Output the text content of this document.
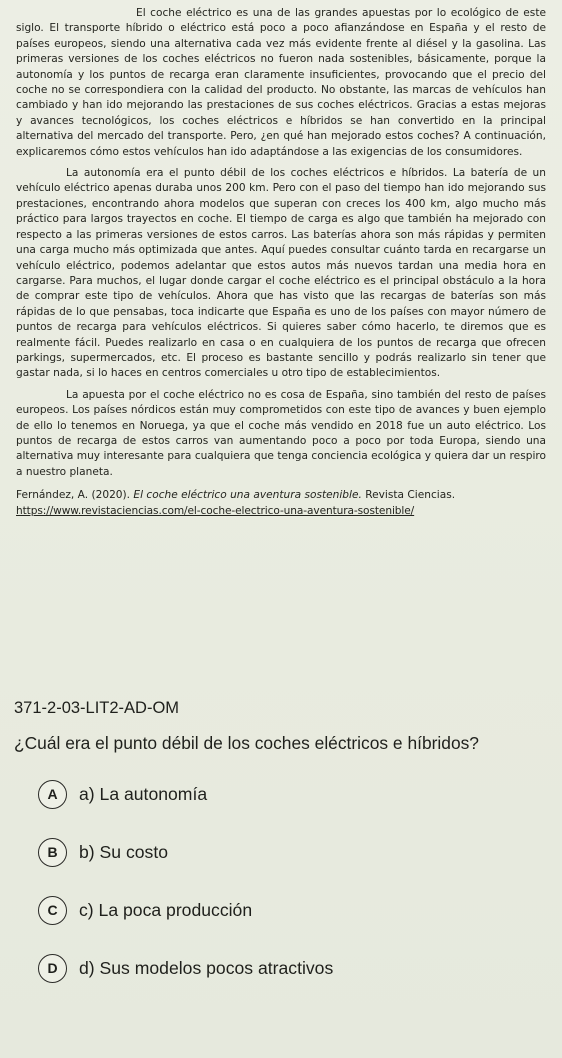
El coche eléctrico es una de las grandes apuestas por lo ecológico de este siglo. El transporte híbrido o eléctrico está poco a poco afianzándose en España y el resto de países europeos, siendo una alternativa cada vez más evidente frente al diésel y la gasolina. Las primeras versiones de los coches eléctricos no fueron nada sostenibles, básicamente, porque la autonomía y los puntos de recarga eran claramente insuficientes, provocando que el precio del coche no se correspondiera con la calidad del producto. No obstante, las marcas de vehículos han cambiado y han ido mejorando las prestaciones de sus coches eléctricos. Gracias a estas mejoras y avances tecnológicos, los coches eléctricos e híbridos se han convertido en la principal alternativa del mercado del transporte. Pero, ¿en qué han mejorado estos coches? A continuación, explicaremos cómo estos vehículos han ido adaptándose a las exigencias de los consumidores.

La autonomía era el punto débil de los coches eléctricos e híbridos. La batería de un vehículo eléctrico apenas duraba unos 200 km. Pero con el paso del tiempo han ido mejorando sus prestaciones, encontrando ahora modelos que superan con creces los 400 km, algo mucho más práctico para largos trayectos en coche. El tiempo de carga es algo que también ha mejorado con respecto a las primeras versiones de estos carros. Las baterías ahora son más rápidas y permiten una carga mucho más optimizada que antes. Aquí puedes consultar cuánto tarda en recargarse un vehículo eléctrico, podemos adelantar que estos autos más nuevos tardan una media hora en cargarse. Para muchos, el lugar donde cargar el coche eléctrico es el principal obstáculo a la hora de comprar este tipo de vehículos. Ahora que has visto que las recargas de baterías son más rápidas de lo que pensabas, toca indicarte que España es uno de los países con mayor número de puntos de recarga para vehículos eléctricos. Si quieres saber cómo hacerlo, te diremos que es realmente fácil. Puedes realizarlo en casa o en cualquiera de los puntos de recarga que ofrecen parkings, supermercados, etc. El proceso es bastante sencillo y podrás realizarlo sin tener que gastar nada, si lo haces en centros comerciales u otro tipo de establecimientos.

La apuesta por el coche eléctrico no es cosa de España, sino también del resto de países europeos. Los países nórdicos están muy comprometidos con este tipo de avances y buen ejemplo de ello lo tenemos en Noruega, ya que el coche más vendido en 2018 fue un auto eléctrico. Los puntos de recarga de estos carros van aumentando poco a poco por toda Europa, siendo una alternativa muy interesante para cualquiera que tenga conciencia ecológica y quiera dar un respiro a nuestro planeta.

Fernández, A. (2020). El coche eléctrico una aventura sostenible. Revista Ciencias.
https://www.revistaciencias.com/el-coche-electrico-una-aventura-sostenible/

371-2-03-LIT2-AD-OM

¿Cuál era el punto débil de los coches eléctricos e híbridos?

A	a) La autonomía
B	b) Su costo
C	c) La poca producción
D	d) Sus modelos pocos atractivos
